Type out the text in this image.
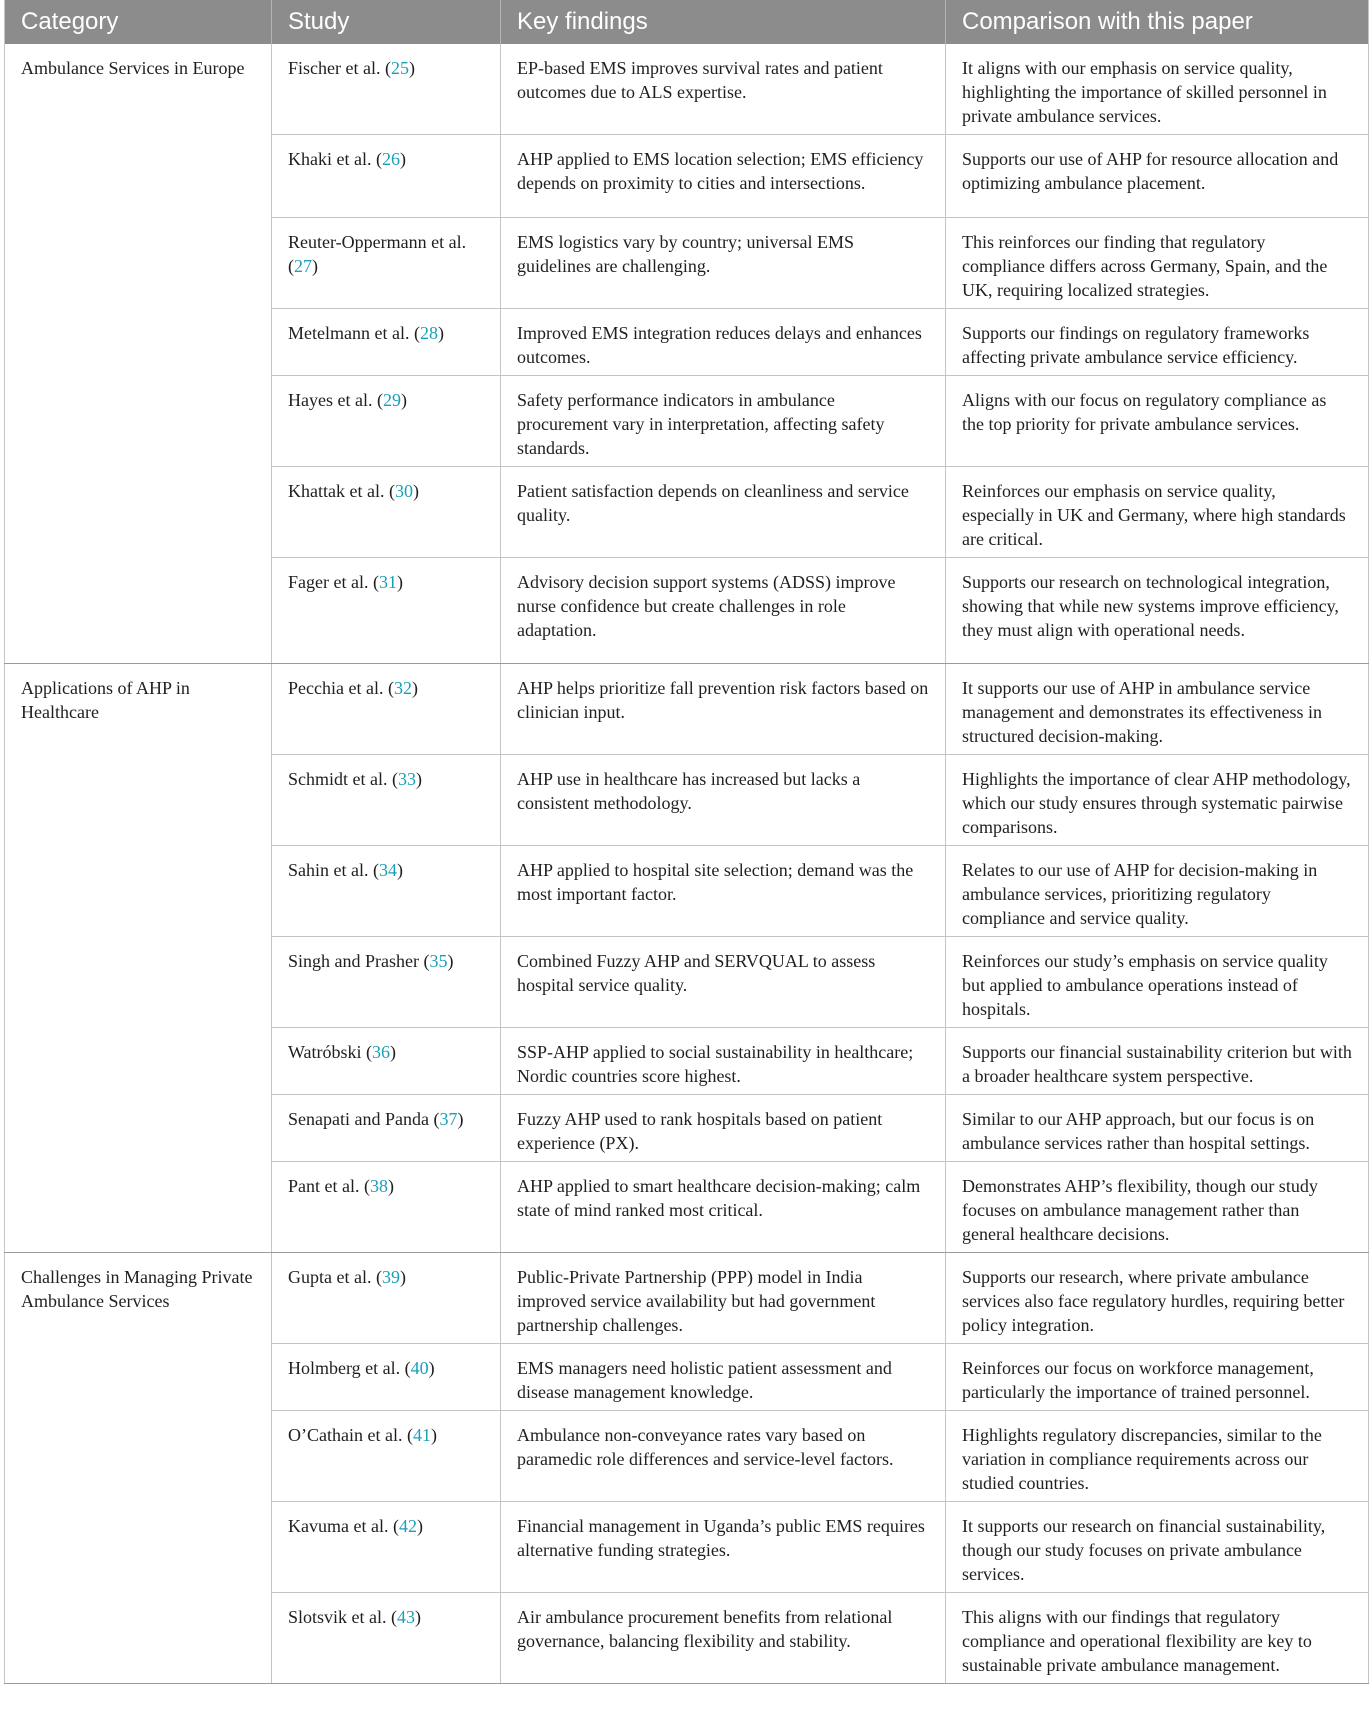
Category	Study	Key findings	Comparison with this paper
Ambulance Services in Europe	Fischer et al. (25)	EP-based EMS improves survival rates and patient outcomes due to ALS expertise.	It aligns with our emphasis on service quality, highlighting the importance of skilled personnel in private ambulance services.
	Khaki et al. (26)	AHP applied to EMS location selection; EMS efficiency depends on proximity to cities and intersections.	Supports our use of AHP for resource allocation and optimizing ambulance placement.
	Reuter-Oppermann et al. (27)	EMS logistics vary by country; universal EMS guidelines are challenging.	This reinforces our finding that regulatory compliance differs across Germany, Spain, and the UK, requiring localized strategies.
	Metelmann et al. (28)	Improved EMS integration reduces delays and enhances outcomes.	Supports our findings on regulatory frameworks affecting private ambulance service efficiency.
	Hayes et al. (29)	Safety performance indicators in ambulance procurement vary in interpretation, affecting safety standards.	Aligns with our focus on regulatory compliance as the top priority for private ambulance services.
	Khattak et al. (30)	Patient satisfaction depends on cleanliness and service quality.	Reinforces our emphasis on service quality, especially in UK and Germany, where high standards are critical.
	Fager et al. (31)	Advisory decision support systems (ADSS) improve nurse confidence but create challenges in role adaptation.	Supports our research on technological integration, showing that while new systems improve efficiency, they must align with operational needs.
Applications of AHP in Healthcare	Pecchia et al. (32)	AHP helps prioritize fall prevention risk factors based on clinician input.	It supports our use of AHP in ambulance service management and demonstrates its effectiveness in structured decision-making.
	Schmidt et al. (33)	AHP use in healthcare has increased but lacks a consistent methodology.	Highlights the importance of clear AHP methodology, which our study ensures through systematic pairwise comparisons.
	Sahin et al. (34)	AHP applied to hospital site selection; demand was the most important factor.	Relates to our use of AHP for decision-making in ambulance services, prioritizing regulatory compliance and service quality.
	Singh and Prasher (35)	Combined Fuzzy AHP and SERVQUAL to assess hospital service quality.	Reinforces our study’s emphasis on service quality but applied to ambulance operations instead of hospitals.
	Watróbski (36)	SSP-AHP applied to social sustainability in healthcare; Nordic countries score highest.	Supports our financial sustainability criterion but with a broader healthcare system perspective.
	Senapati and Panda (37)	Fuzzy AHP used to rank hospitals based on patient experience (PX).	Similar to our AHP approach, but our focus is on ambulance services rather than hospital settings.
	Pant et al. (38)	AHP applied to smart healthcare decision-making; calm state of mind ranked most critical.	Demonstrates AHP’s flexibility, though our study focuses on ambulance management rather than general healthcare decisions.
Challenges in Managing Private Ambulance Services	Gupta et al. (39)	Public-Private Partnership (PPP) model in India improved service availability but had government partnership challenges.	Supports our research, where private ambulance services also face regulatory hurdles, requiring better policy integration.
	Holmberg et al. (40)	EMS managers need holistic patient assessment and disease management knowledge.	Reinforces our focus on workforce management, particularly the importance of trained personnel.
	O’Cathain et al. (41)	Ambulance non-conveyance rates vary based on paramedic role differences and service-level factors.	Highlights regulatory discrepancies, similar to the variation in compliance requirements across our studied countries.
	Kavuma et al. (42)	Financial management in Uganda’s public EMS requires alternative funding strategies.	It supports our research on financial sustainability, though our study focuses on private ambulance services.
	Slotsvik et al. (43)	Air ambulance procurement benefits from relational governance, balancing flexibility and stability.	This aligns with our findings that regulatory compliance and operational flexibility are key to sustainable private ambulance management.
